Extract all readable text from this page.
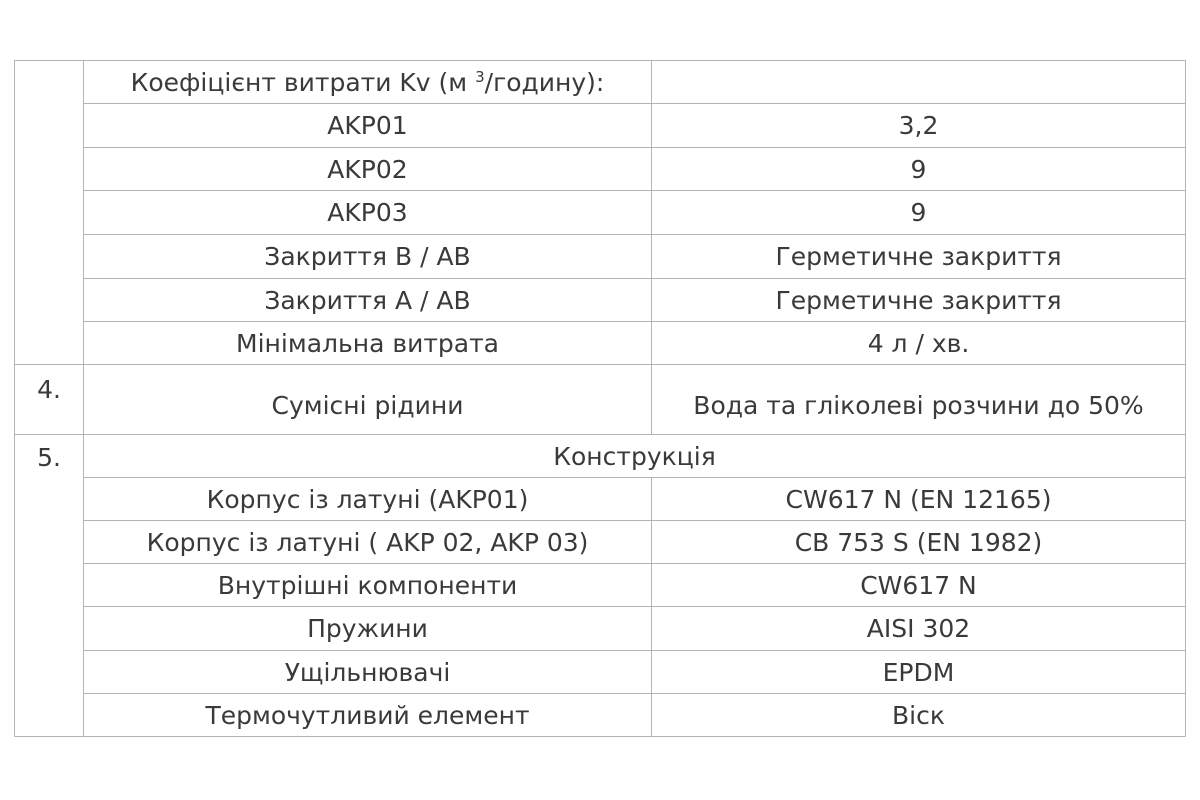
	Коефіцієнт витрати Kv (м $^3$/годину):	
	AKP01	3,2
	AKP02	9
	AKP03	9
	Закриття В / АВ	Герметичне закриття
	Закриття А / АВ	Герметичне закриття
	Мінімальна витрата	4 л / хв.

4.	Сумісні рідини	Вода та гліколеві розчини до 50%

5.	Конструкція	
	Корпус із латуні (AKP01)	CW617 N (EN 12165)
	Корпус із латуні ( AKP 02, AKP 03)	CB 753 S (EN 1982)
	Внутрішні компоненти	CW617 N
	Пружини	AISI 302
	Ущільнювачі	EPDM
	Термочутливий елемент	Віск
